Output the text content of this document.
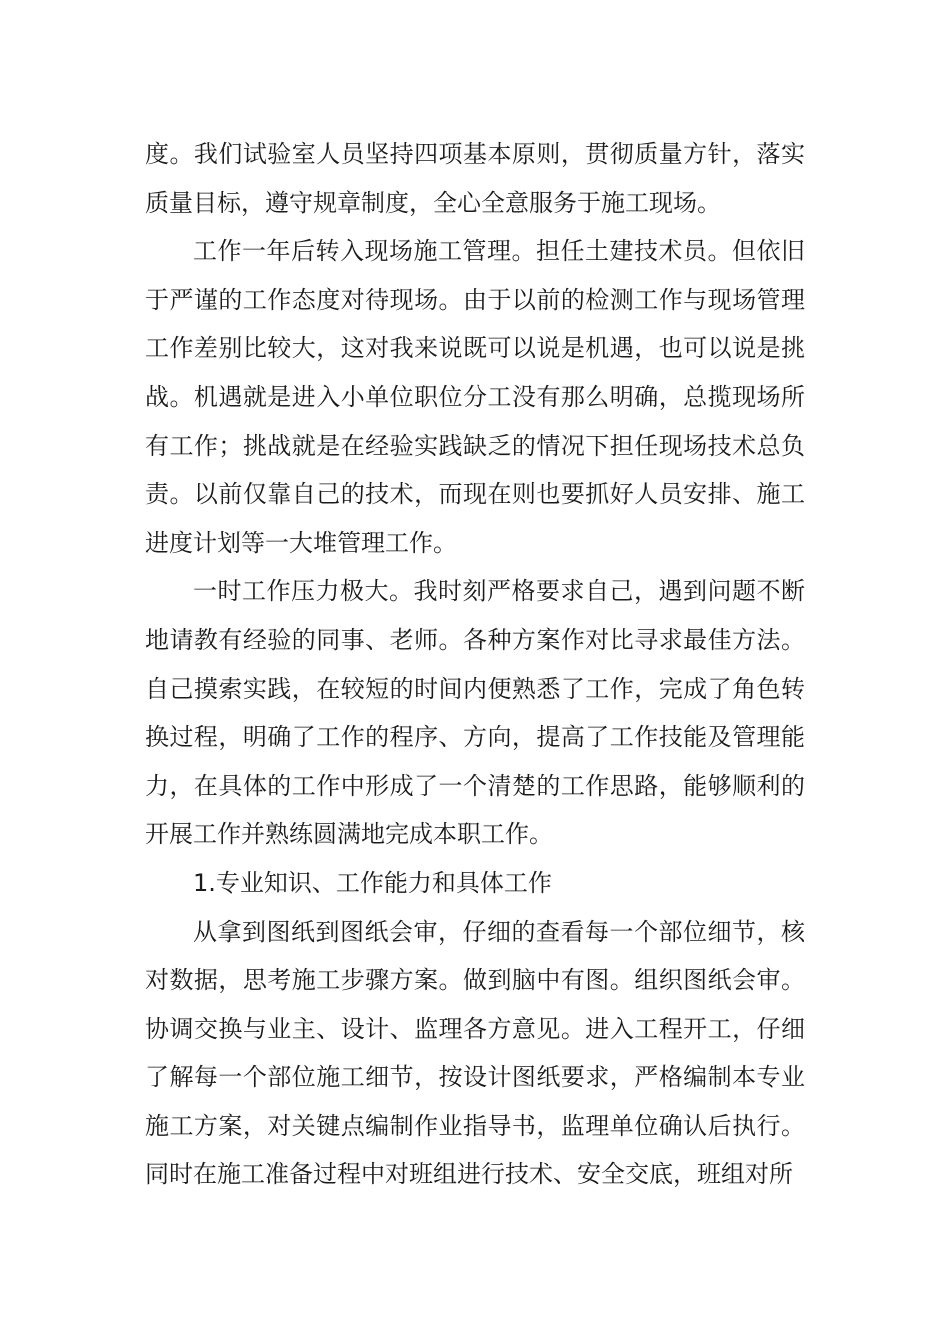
度。我们试验室人员坚持四项基本原则，贯彻质量方针，落实质量目标，遵守规章制度，全心全意服务于施工现场。

工作一年后转入现场施工管理。担任土建技术员。但依旧于严谨的工作态度对待现场。由于以前的检测工作与现场管理工作差别比较大，这对我来说既可以说是机遇，也可以说是挑战。机遇就是进入小单位职位分工没有那么明确，总揽现场所有工作；挑战就是在经验实践缺乏的情况下担任现场技术总负责。以前仅靠自己的技术，而现在则也要抓好人员安排、施工进度计划等一大堆管理工作。

一时工作压力极大。我时刻严格要求自己，遇到问题不断地请教有经验的同事、老师。各种方案作对比寻求最佳方法。自己摸索实践，在较短的时间内便熟悉了工作，完成了角色转换过程，明确了工作的程序、方向，提高了工作技能及管理能力，在具体的工作中形成了一个清楚的工作思路，能够顺利的开展工作并熟练圆满地完成本职工作。

1.专业知识、工作能力和具体工作

从拿到图纸到图纸会审，仔细的查看每一个部位细节，核对数据，思考施工步骤方案。做到脑中有图。组织图纸会审。协调交换与业主、设计、监理各方意见。进入工程开工，仔细了解每一个部位施工细节，按设计图纸要求，严格编制本专业施工方案，对关键点编制作业指导书，监理单位确认后执行。同时在施工准备过程中对班组进行技术、安全交底，班组对所
